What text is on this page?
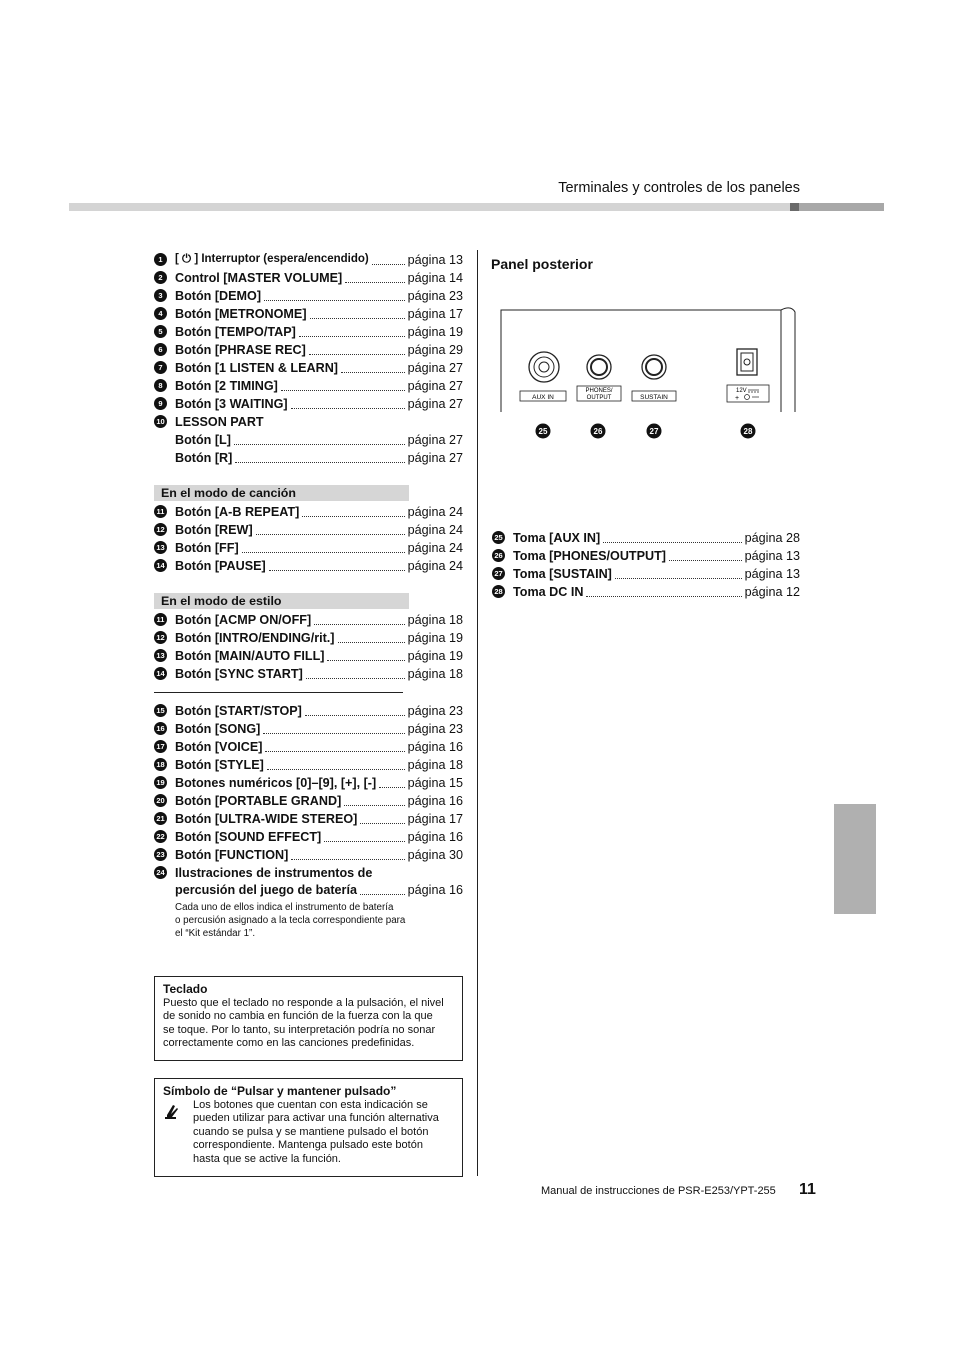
Terminales y controles de los paneles
1	[ ⏻ ] Interruptor (espera/encendido)	página 13
2 Control [MASTER VOLUME]	página 14
3 Botón [DEMO]	página 23
4 Botón [METRONOME]	página 17
5 Botón [TEMPO/TAP]	página 19
6 Botón [PHRASE REC]	página 29
7 Botón [1 LISTEN & LEARN]	página 27
8 Botón [2 TIMING]	página 27
9 Botón [3 WAITING]	página 27
10 LESSON PART
Botón [L]	página 27
Botón [R]	página 27
En el modo de canción
11 Botón [A-B REPEAT]	página 24
12 Botón [REW]	página 24
13 Botón [FF]	página 24
14 Botón [PAUSE]	página 24
En el modo de estilo
11 Botón [ACMP ON/OFF]	página 18
12 Botón [INTRO/ENDING/rit.]	página 19
13 Botón [MAIN/AUTO FILL]	página 19
14 Botón [SYNC START]	página 18
15 Botón [START/STOP]	página 23
16 Botón [SONG]	página 23
17 Botón [VOICE]	página 16
18 Botón [STYLE]	página 18
19 Botones numéricos [0]–[9], [+], [-]	página 15
20 Botón [PORTABLE GRAND]	página 16
21 Botón [ULTRA-WIDE STEREO]	página 17
22 Botón [SOUND EFFECT]	página 16
23 Botón [FUNCTION]	página 30
24 Ilustraciones de instrumentos de
percusión del juego de batería	página 16
Cada uno de ellos indica el instrumento de batería
o percusión asignado a la tecla correspondiente para
el “Kit estándar 1”.
Teclado
Puesto que el teclado no responde a la pulsación, el nivel
de sonido no cambia en función de la fuerza con la que
se toque. Por lo tanto, su interpretación podría no sonar
correctamente como en las canciones predefinidas.
Símbolo de “Pulsar y mantener pulsado”
Los botones que cuentan con esta indicación se
pueden utilizar para activar una función alternativa
cuando se pulsa y se mantiene pulsado el botón
correspondiente. Mantenga pulsado este botón
hasta que se active la función.
Panel posterior
AUX IN
PHONES/
OUTPUT	SUSTAIN
12V
+
25	26	27	28
25 Toma [AUX IN]	página 28
26 Toma [PHONES/OUTPUT]	página 13
27 Toma [SUSTAIN]	página 13
28 Toma DC IN	página 12
Manual de instrucciones de PSR-E253/YPT-255 11
